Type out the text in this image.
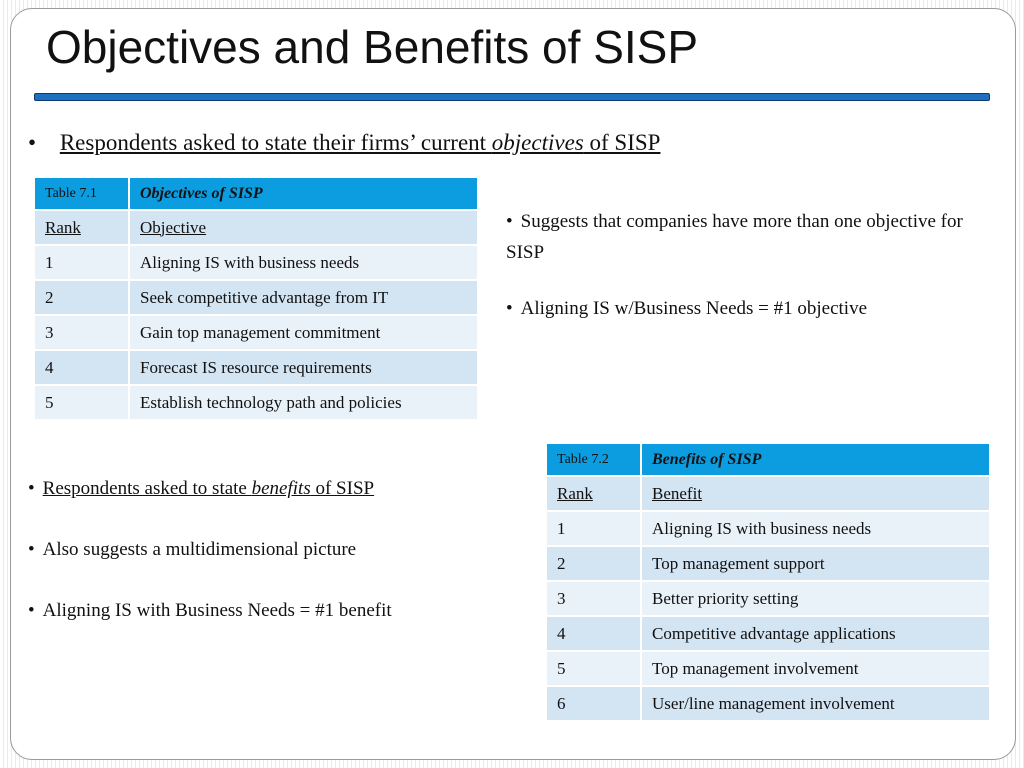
Objectives and Benefits of SISP
• Respondents asked to state their firms’ current objectives of SISP
Table 7.1	Objectives of SISP
Rank	Objective
1	Aligning IS with business needs
2	Seek competitive advantage from IT
3	Gain top management commitment
4	Forecast IS resource requirements
5	Establish technology path and policies
• Suggests that companies have more than one objective for SISP
• Aligning IS w/Business Needs = #1 objective
Table 7.2	Benefits of SISP
Rank	Benefit
1	Aligning IS with business needs
2	Top management support
3	Better priority setting
4	Competitive advantage applications
5	Top management involvement
6	User/line management involvement
• Respondents asked to state benefits of SISP
• Also suggests a multidimensional picture
• Aligning IS with Business Needs = #1 benefit
